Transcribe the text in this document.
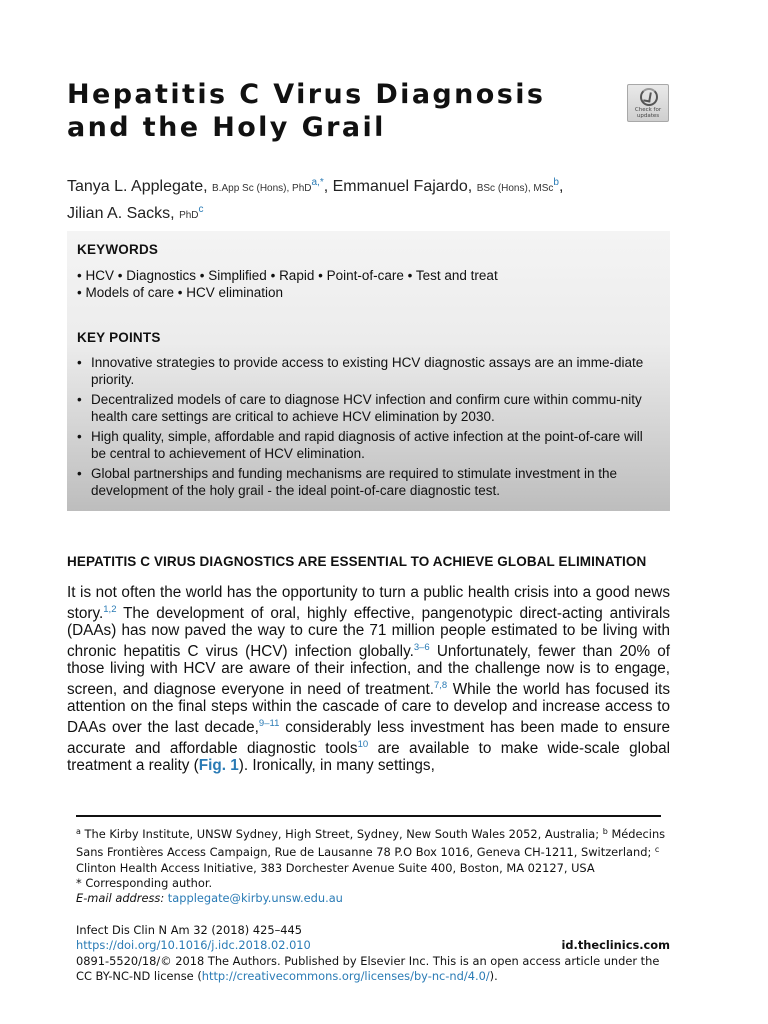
Hepatitis C Virus Diagnosis
and the Holy Grail
Check for
updates
Tanya L. Applegate, B.App Sc (Hons), PhD$^{a,*}$, Emmanuel Fajardo, BSc (Hons), MSc$^b$,
Jilian A. Sacks, PhD$^c$
KEYWORDS
• HCV • Diagnostics • Simplified • Rapid • Point-of-care • Test and treat
• Models of care • HCV elimination
KEY POINTS
• Innovative strategies to provide access to existing HCV diagnostic assays are an imme-diate priority.
• Decentralized models of care to diagnose HCV infection and confirm cure within commu-nity health care settings are critical to achieve HCV elimination by 2030.
• High quality, simple, affordable and rapid diagnosis of active infection at the point-of-care will be central to achievement of HCV elimination.
• Global partnerships and funding mechanisms are required to stimulate investment in the development of the holy grail - the ideal point-of-care diagnostic test.
HEPATITIS C VIRUS DIAGNOSTICS ARE ESSENTIAL TO ACHIEVE GLOBAL ELIMINATION

It is not often the world has the opportunity to turn a public health crisis into a good news story.$^{1,2}$ The development of oral, highly effective, pangenotypic direct-acting antivirals (DAAs) has now paved the way to cure the 71 million people estimated to be living with chronic hepatitis C virus (HCV) infection globally.$^{3-6}$ Unfortunately, fewer than 20% of those living with HCV are aware of their infection, and the challenge now is to engage, screen, and diagnose everyone in need of treatment.$^{7,8}$ While the world has focused its attention on the final steps within the cascade of care to develop and increase access to DAAs over the last decade,$^{9-11}$ considerably less investment has been made to ensure accurate and affordable diagnostic tools$^{10}$ are available to make wide-scale global treatment a reality (Fig. 1). Ironically, in many settings,

$^a$ The Kirby Institute, UNSW Sydney, High Street, Sydney, New South Wales 2052, Australia; $^b$ Médecins Sans Frontières Access Campaign, Rue de Lausanne 78 P.O Box 1016, Geneva CH-1211, Switzerland; $^c$ Clinton Health Access Initiative, 383 Dorchester Avenue Suite 400, Boston, MA 02127, USA
* Corresponding author.
E-mail address: tapplegate@kirby.unsw.edu.au
Infect Dis Clin N Am 32 (2018) 425–445
https://doi.org/10.1016/j.idc.2018.02.010	id.theclinics.com
0891-5520/18/© 2018 The Authors. Published by Elsevier Inc. This is an open access article under the CC BY-NC-ND license (http://creativecommons.org/licenses/by-nc-nd/4.0/).
